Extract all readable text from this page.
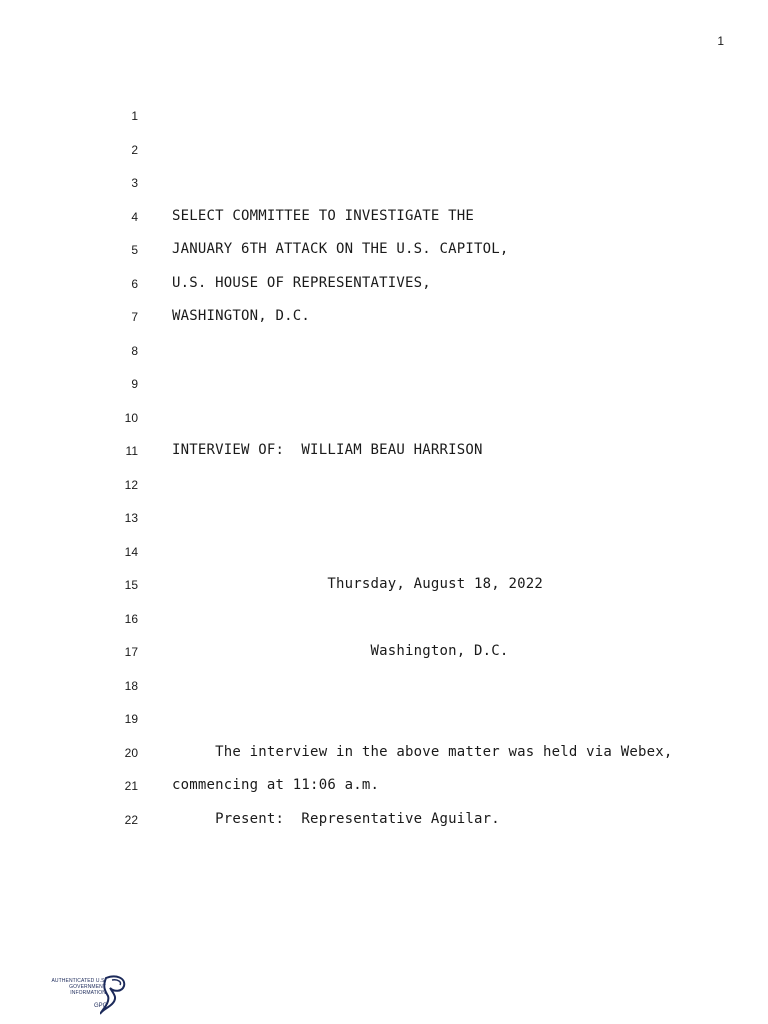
1
1
2
3
4 SELECT COMMITTEE TO INVESTIGATE THE
5 JANUARY 6TH ATTACK ON THE U.S. CAPITOL,
6 U.S. HOUSE OF REPRESENTATIVES,
7 WASHINGTON, D.C.
8
9
10
11 INTERVIEW OF:  WILLIAM BEAU HARRISON
12
13
14
15 Thursday, August 18, 2022
16
17 Washington, D.C.
18
19
20 The interview in the above matter was held via Webex,
21 commencing at 11:06 a.m.
22 Present:  Representative Aguilar.
AUTHENTICATED U.S. GOVERNMENT INFORMATION
GPO
